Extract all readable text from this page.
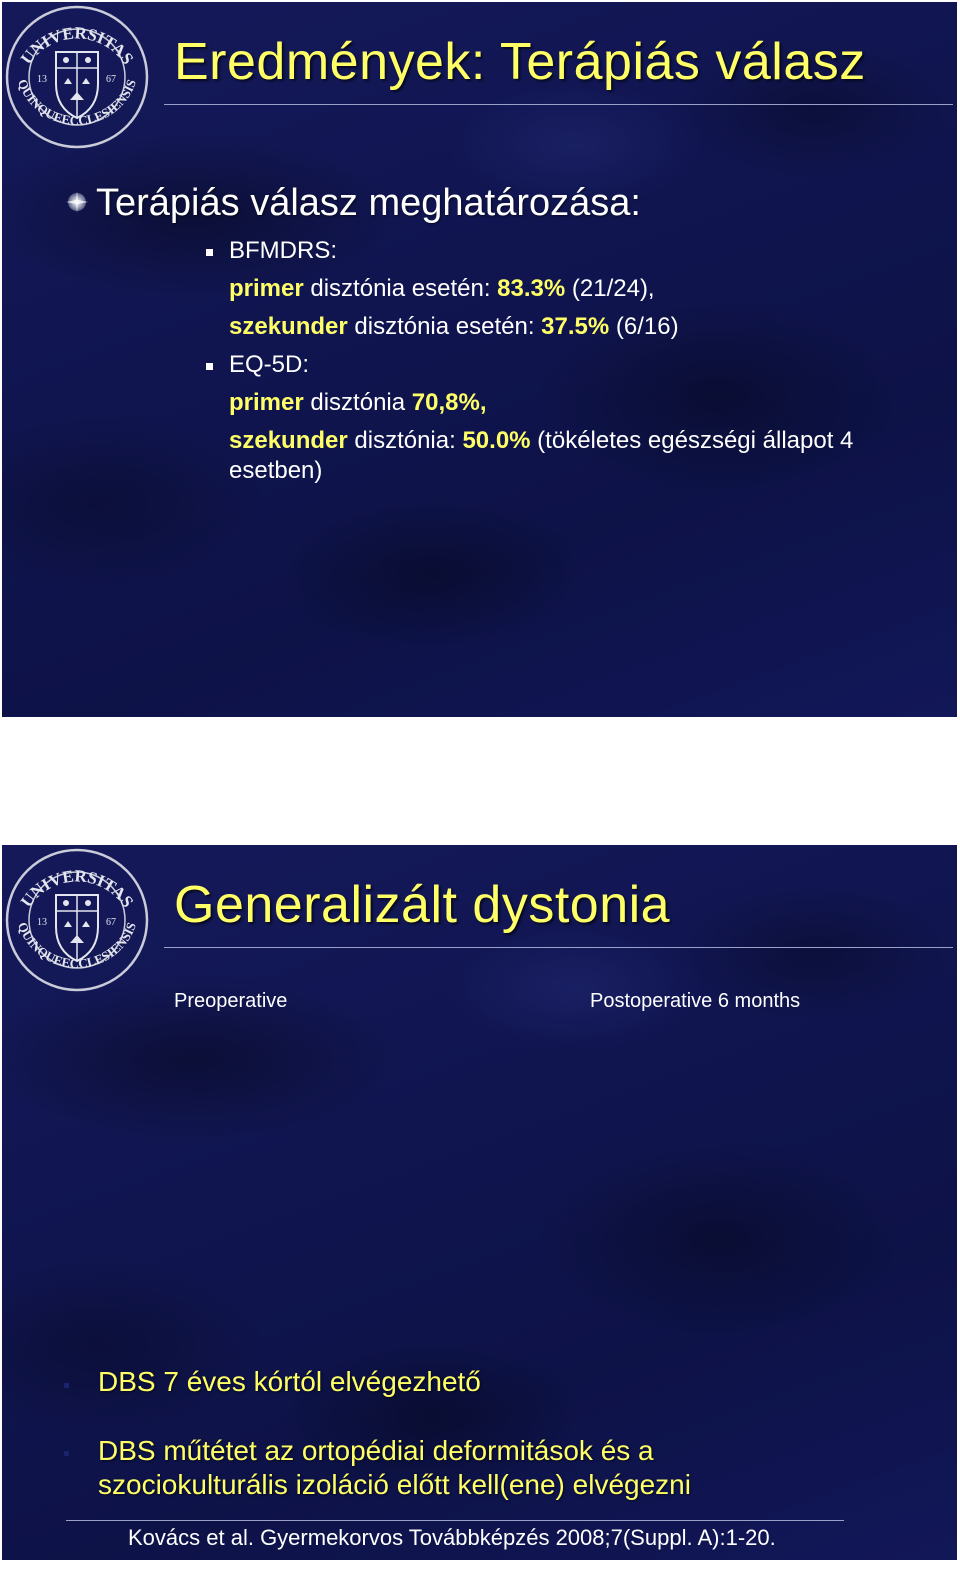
UNIVERSITAS
QUINQUEECCLESIENSIS
13	67 Eredmények: Terápiás válasz
Terápiás válasz meghatározása:
BFMDRS:
primer disztónia esetén: 83.3% (21/24),
szekunder disztónia esetén: 37.5% (6/16)
EQ-5D:
primer disztónia 70,8%,
szekunder disztónia: 50.0% (tökéletes egészségi állapot 4 esetben)
UNIVERSITAS
QUINQUEECCLESIENSIS
13	67 Generalizált dystonia
Preoperative	Postoperative 6 months
DBS 7 éves kórtól elvégezhető
DBS műtétet az ortopédiai deformitások és a
szociokulturális izoláció előtt kell(ene) elvégezni
Kovács et al. Gyermekorvos Továbbképzés 2008;7(Suppl. A):1-20.
